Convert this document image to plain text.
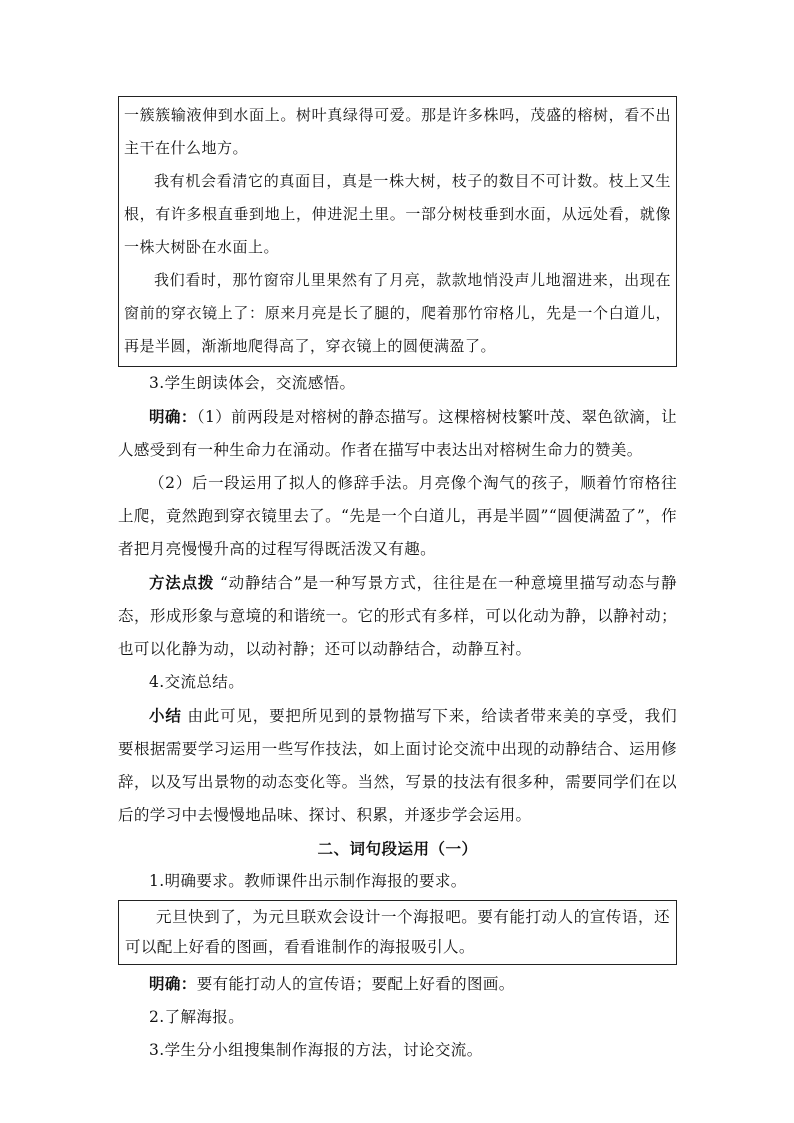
一簇簇输液伸到水面上。树叶真绿得可爱。那是许多株吗，茂盛的榕树，看不出主干在什么地方。

我有机会看清它的真面目，真是一株大树，枝子的数目不可计数。枝上又生根，有许多根直垂到地上，伸进泥土里。一部分树枝垂到水面，从远处看，就像一株大树卧在水面上。

我们看时，那竹窗帘儿里果然有了月亮，款款地悄没声儿地溜进来，出现在窗前的穿衣镜上了：原来月亮是长了腿的，爬着那竹帘格儿，先是一个白道儿，再是半圆，渐渐地爬得高了，穿衣镜上的圆便满盈了。

3.学生朗读体会，交流感悟。

明确：（1）前两段是对榕树的静态描写。这棵榕树枝繁叶茂、翠色欲滴，让人感受到有一种生命力在涌动。作者在描写中表达出对榕树生命力的赞美。

（2）后一段运用了拟人的修辞手法。月亮像个淘气的孩子，顺着竹帘格往上爬，竟然跑到穿衣镜里去了。“先是一个白道儿，再是半圆”“圆便满盈了”，作者把月亮慢慢升高的过程写得既活泼又有趣。

方法点拨 “动静结合”是一种写景方式，往往是在一种意境里描写动态与静态，形成形象与意境的和谐统一。它的形式有多样，可以化动为静，以静衬动；也可以化静为动，以动衬静；还可以动静结合，动静互衬。

4.交流总结。

小结 由此可见，要把所见到的景物描写下来，给读者带来美的享受，我们要根据需要学习运用一些写作技法，如上面讨论交流中出现的动静结合、运用修辞，以及写出景物的动态变化等。当然，写景的技法有很多种，需要同学们在以后的学习中去慢慢地品味、探讨、积累，并逐步学会运用。

二、词句段运用（一）

1.明确要求。教师课件出示制作海报的要求。

元旦快到了，为元旦联欢会设计一个海报吧。要有能打动人的宣传语，还可以配上好看的图画，看看谁制作的海报吸引人。

明确：要有能打动人的宣传语；要配上好看的图画。

2.了解海报。

3.学生分小组搜集制作海报的方法，讨论交流。
